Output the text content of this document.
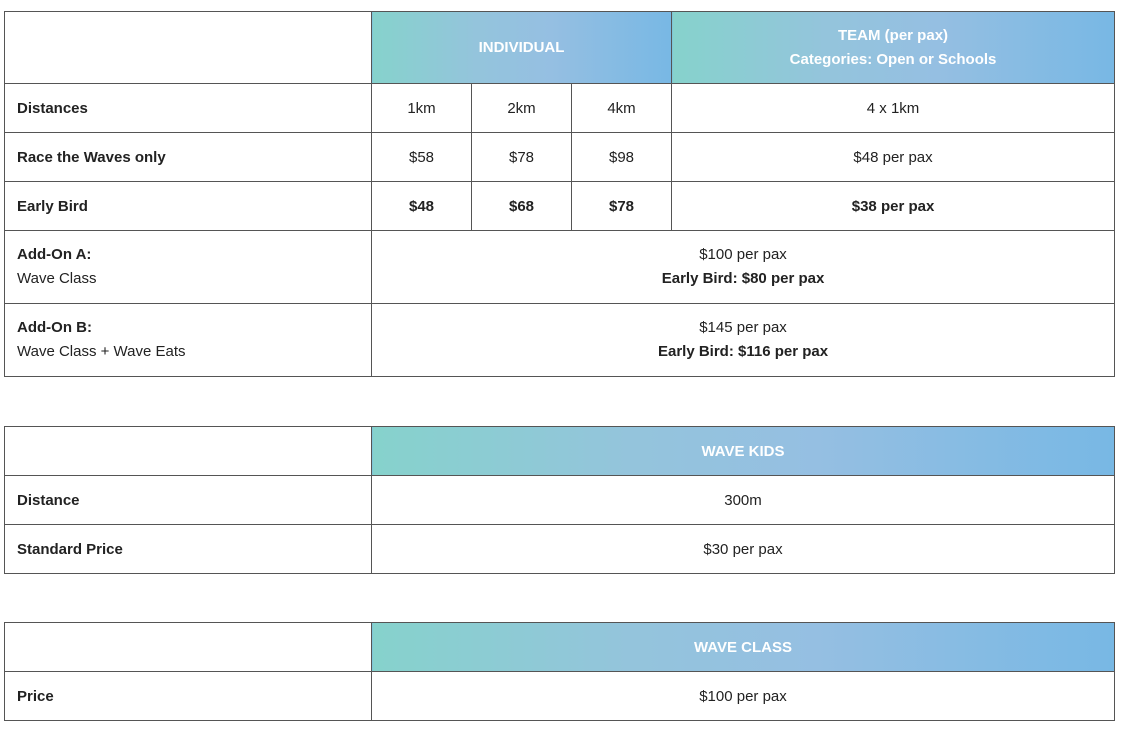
	INDIVIDUAL			TEAM (per pax)
Categories: Open or Schools

Distances	1km	2km	4km	4 x 1km
Race the Waves only	$58	$78	$98	$48 per pax
Early Bird	$48	$68	$78	$38 per pax

Add-On A:
Wave Class	$100 per pax
Early Bird: $80 per pax			

Add-On B:
Wave Class + Wave Eats	$145 per pax
Early Bird: $116 per pax			
	WAVE KIDS
Distance	300m
Standard Price	$30 per pax
	WAVE CLASS
Price	$100 per pax
